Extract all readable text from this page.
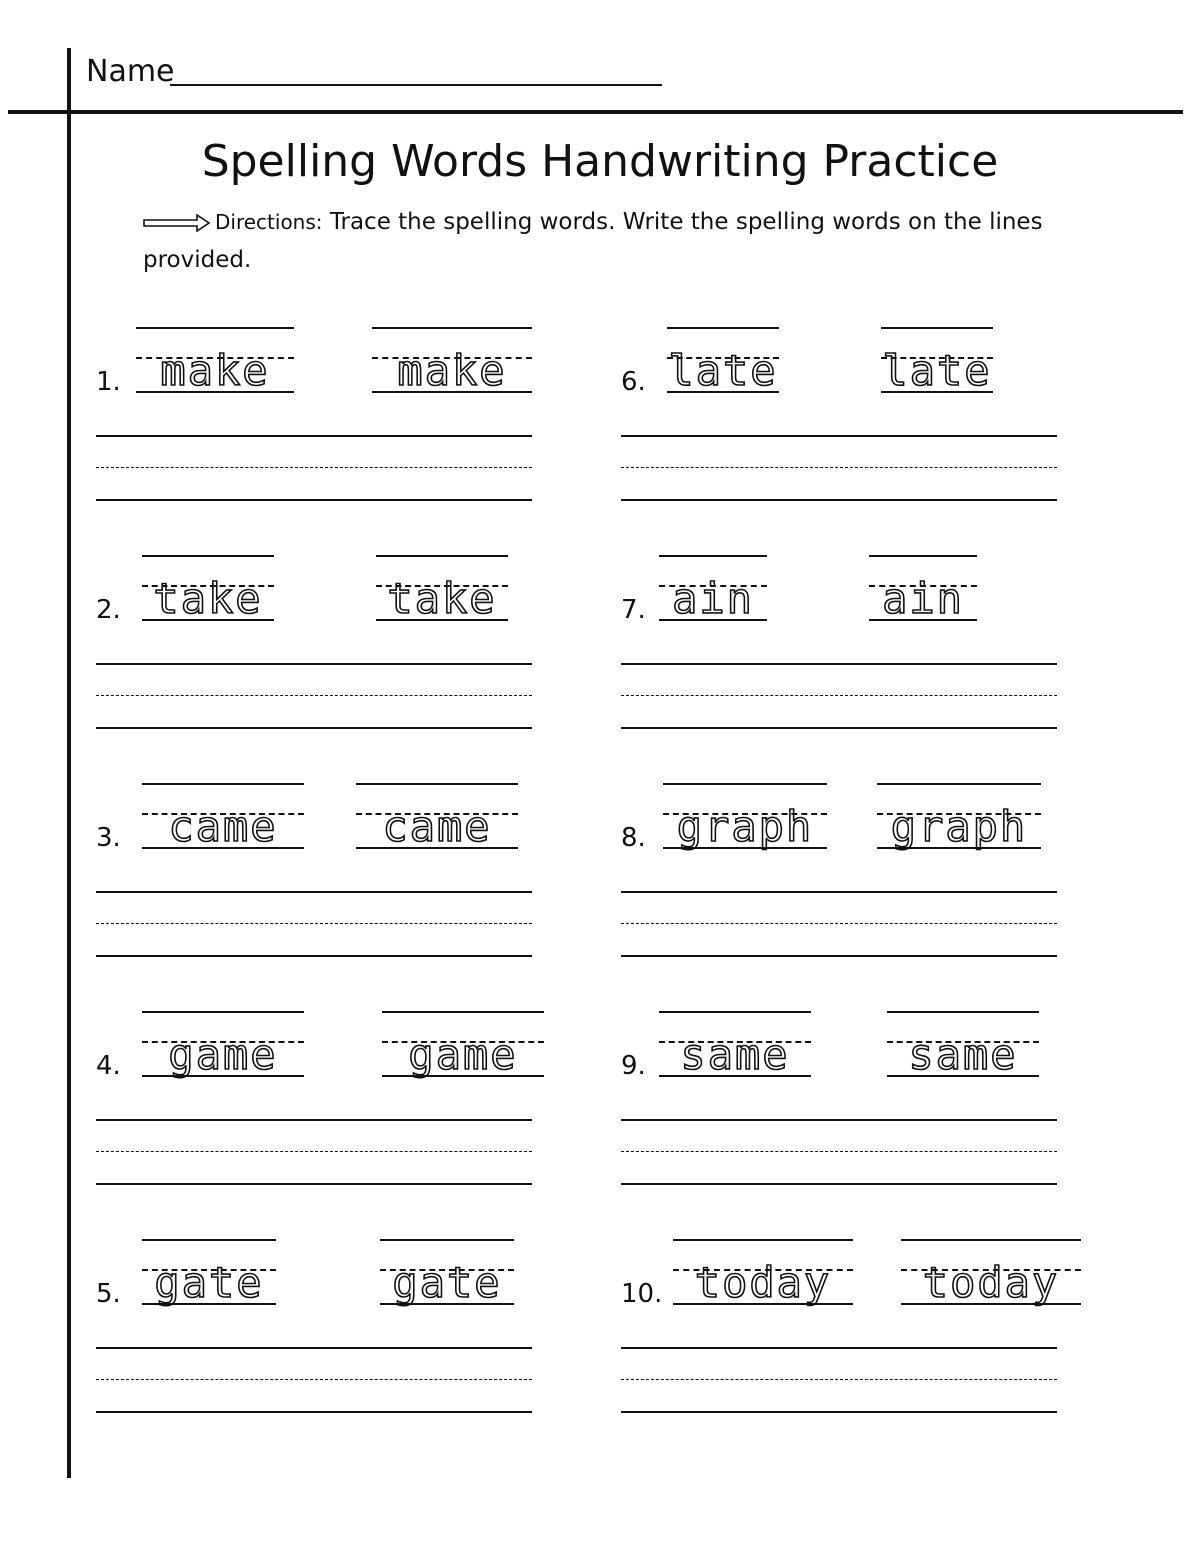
Name
Spelling Words Handwriting Practice
Directions: Trace the spelling words. Write the spelling words on the lines provided.
1. make	make
2. take	take
3.	came	came
4.	game	game
5. gate	gate
6. late late
7. ain	ain
8. graph	graph
9. same	same
10. today	today
